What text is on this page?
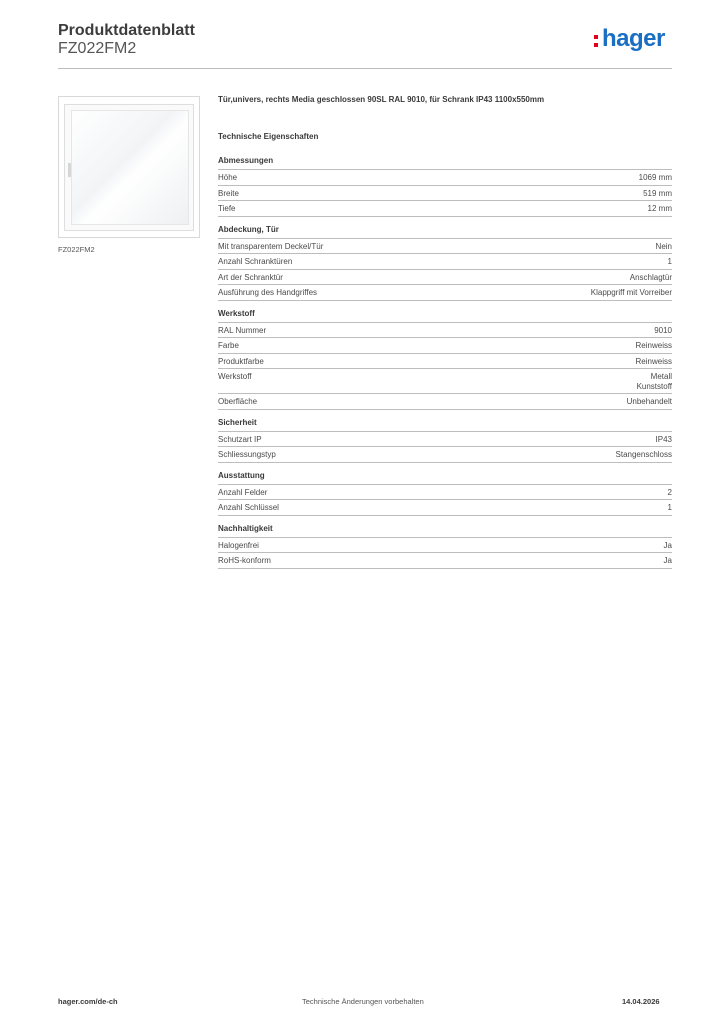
Produktdatenblatt
FZ022FM2	hager
FZ022FM2
Tür,univers, rechts Media geschlossen 90SL RAL 9010, für Schrank IP43 1100x550mm
Technische Eigenschaften
Abmessungen
Höhe	1069 mm
Breite	519 mm
Tiefe	12 mm
Abdeckung, Tür
Mit transparentem Deckel/Tür	Nein
Anzahl Schranktüren	1
Art der Schranktür	Anschlagtür
Ausführung des Handgriffes	Klappgriff mit Vorreiber
Werkstoff
RAL Nummer	9010
Farbe	Reinweiss
Produktfarbe	Reinweiss
Werkstoff	Metall
Kunststoff
Oberfläche	Unbehandelt
Sicherheit
Schutzart IP	IP43
Schliessungstyp	Stangenschloss
Ausstattung
Anzahl Felder	2
Anzahl Schlüssel	1
Nachhaltigkeit
Halogenfrei	Ja
RoHS-konform	Ja
hager.com/de-ch	Technische Änderungen vorbehalten	14.04.2026
